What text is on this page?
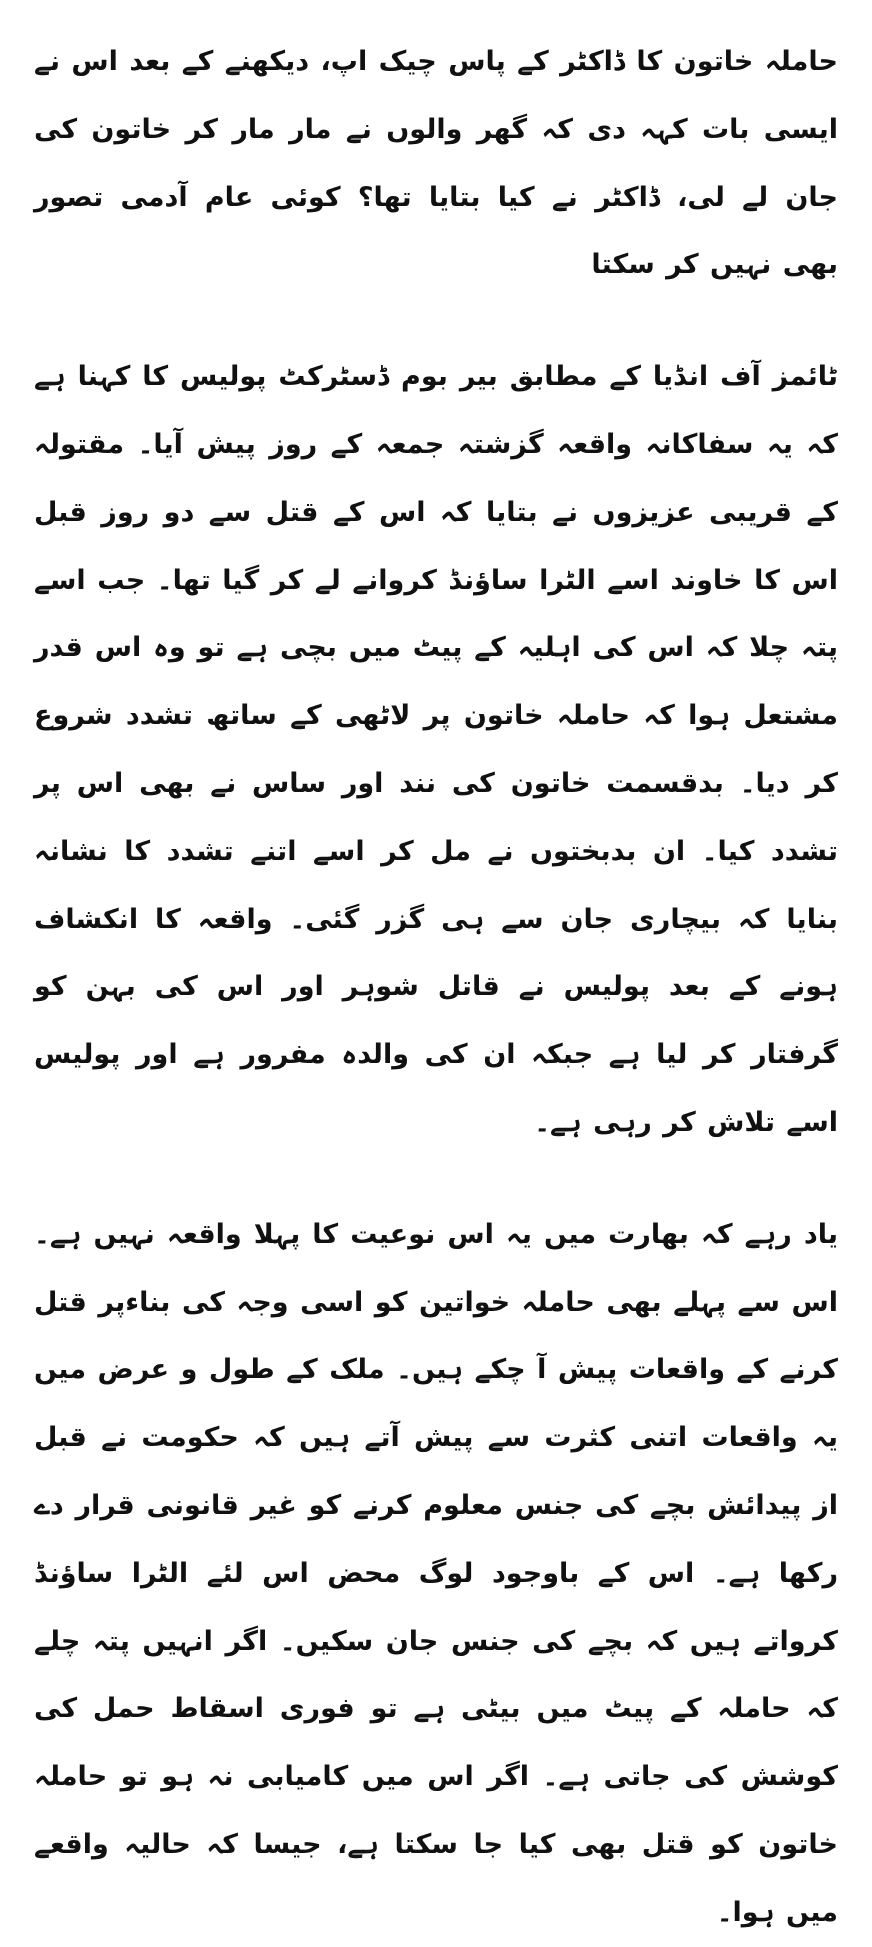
حاملہ خاتون کا ڈاکٹر کے پاس چیک اپ، دیکھنے کے بعد اس نے ایسی بات کہہ دی کہ گھر والوں نے مار مار کر خاتون کی جان لے لی، ڈاکٹر نے کیا بتایا تھا؟ کوئی عام آدمی تصور بھی نہیں کر سکتا

ٹائمز آف انڈیا کے مطابق بیر بوم ڈسٹرکٹ پولیس کا کہنا ہے کہ یہ سفاکانہ واقعہ گزشتہ جمعہ کے روز پیش آیا۔ مقتولہ کے قریبی عزیزوں نے بتایا کہ اس کے قتل سے دو روز قبل اس کا خاوند اسے الٹرا ساﺅنڈ کروانے لے کر گیا تھا۔ جب اسے پتہ چلا کہ اس کی اہلیہ کے پیٹ میں بچی ہے تو وہ اس قدر مشتعل ہوا کہ حاملہ خاتون پر لاٹھی کے ساتھ تشدد شروع کر دیا۔ بدقسمت خاتون کی نند اور ساس نے بھی اس پر تشدد کیا۔ ان بدبختوں نے مل کر اسے اتنے تشدد کا نشانہ بنایا کہ بیچاری جان سے ہی گزر گئی۔ واقعہ کا انکشاف ہونے کے بعد پولیس نے قاتل شوہر اور اس کی بہن کو گرفتار کر لیا ہے جبکہ ان کی والدہ مفرور ہے اور پولیس اسے تلاش کر رہی ہے۔

یاد رہے کہ بھارت میں یہ اس نوعیت کا پہلا واقعہ نہیں ہے۔ اس سے پہلے بھی حاملہ خواتین کو اسی وجہ کی بناءپر قتل کرنے کے واقعات پیش آ چکے ہیں۔ ملک کے طول و عرض میں یہ واقعات اتنی کثرت سے پیش آتے ہیں کہ حکومت نے قبل از پیدائش بچے کی جنس معلوم کرنے کو غیر قانونی قرار دے رکھا ہے۔ اس کے باوجود لوگ محض اس لئے الٹرا ساﺅنڈ کرواتے ہیں کہ بچے کی جنس جان سکیں۔ اگر انہیں پتہ چلے کہ حاملہ کے پیٹ میں بیٹی ہے تو فوری اسقاط حمل کی کوشش کی جاتی ہے۔ اگر اس میں کامیابی نہ ہو تو حاملہ خاتون کو قتل بھی کیا جا سکتا ہے، جیسا کہ حالیہ واقعے میں ہوا۔
